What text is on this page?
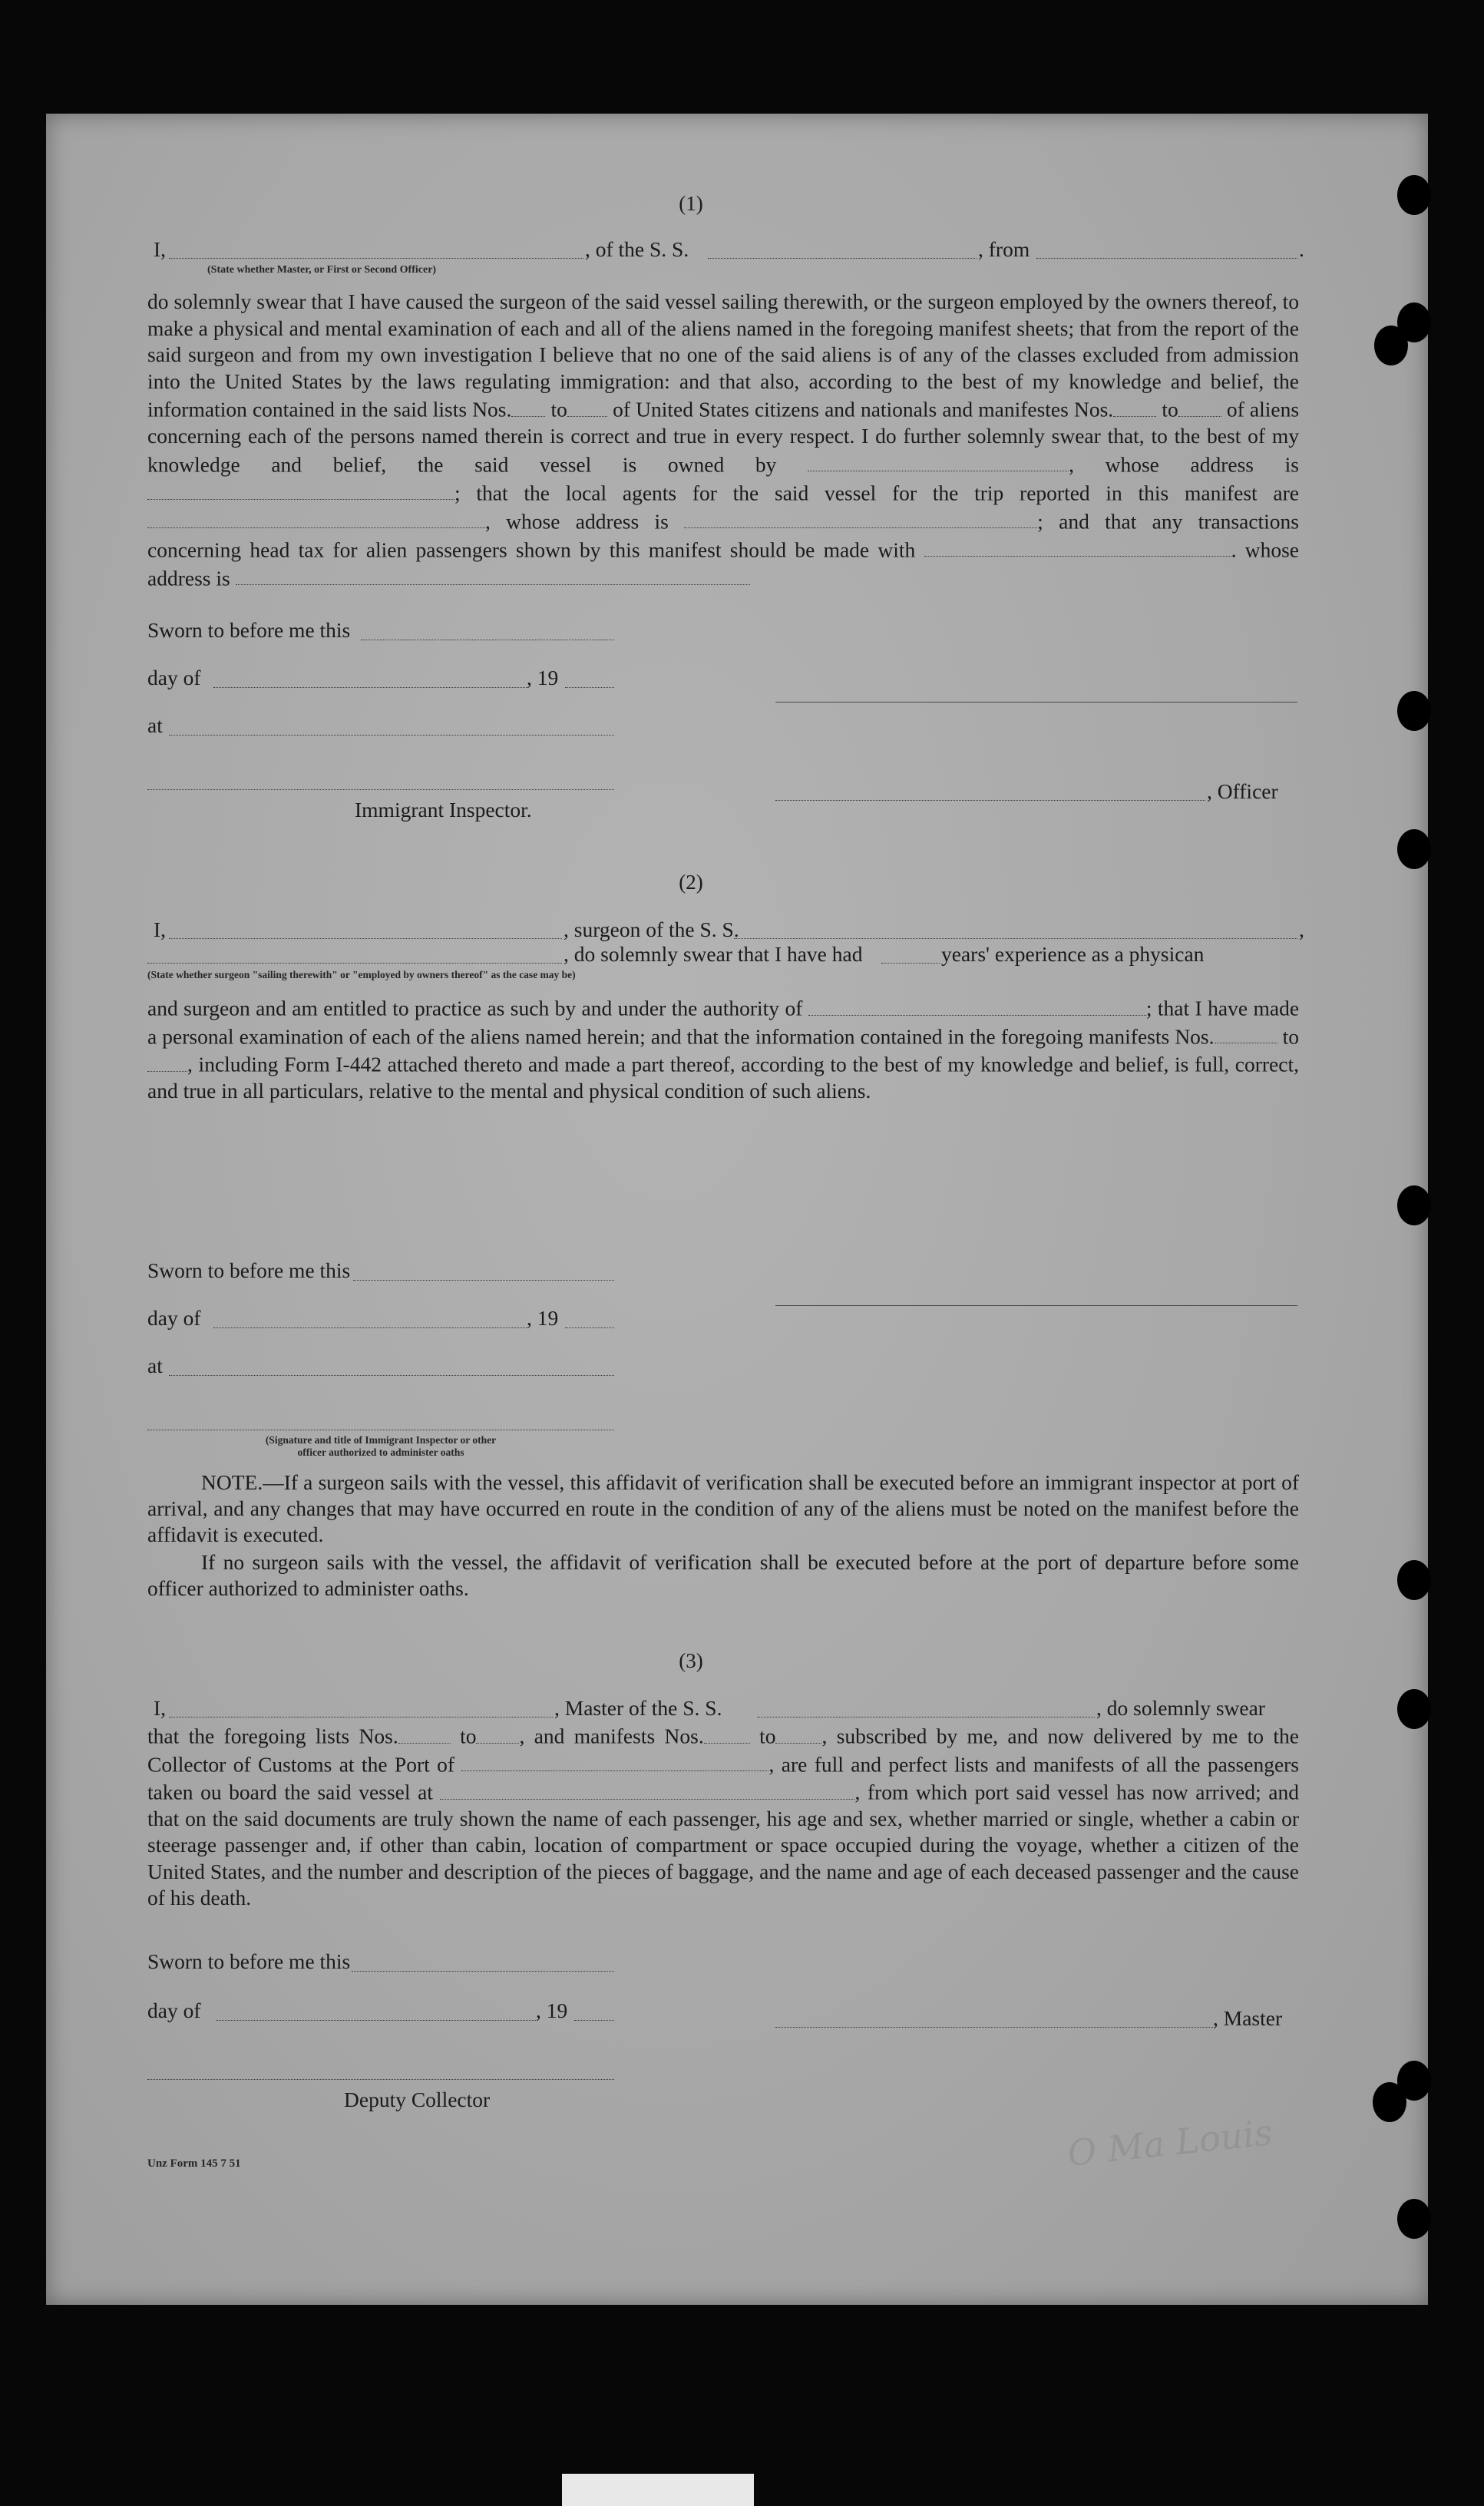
(1)
I,	, of the S. S.	, from	.
(State whether Master, or First or Second Officer)
do solemnly swear that I have caused the surgeon of the said vessel sailing therewith, or the surgeon employed by the owners thereof, to make a physical and mental examination of each and all of the aliens named in the foregoing manifest sheets; that from the report of the said surgeon and from my own investigation I believe that no one of the said aliens is of any of the classes excluded from admission into the United States by the laws regulating immigration: and that also, according to the best of my knowledge and belief, the information contained in the said lists Nos. to of United States citizens and nationals and manifestes Nos. to of aliens concerning each of the persons named therein is correct and true in every respect. I do further solemnly swear that, to the best of my knowledge and belief, the said vessel is owned by	, whose address is ; that the local agents for the said vessel for the trip reported in this manifest are , whose address is	; and that any transactions concerning head tax for alien passengers shown by this manifest should be made with	. whose address is
Sworn to before me this
day of	, 19
at
, Officer
Immigrant Inspector.
(2)
I,	, surgeon of the S. S.	,
, do solemnly swear that I have had	years' experience as a physican
(State whether surgeon "sailing therewith" or "employed by owners thereof" as the case may be)
and surgeon and am entitled to practice as such by and under the authority of	; that I have made a personal examination of each of the aliens named herein; and that the information contained in the foregoing manifests Nos.	to, including Form I-442 attached thereto and made a part thereof, according to the best of my knowledge and belief, is full, correct, and true in all particulars, relative to the mental and physical condition of such aliens.
Sworn to before me this
day of	, 19
at
(Signature and title of Immigrant Inspector or other
officer authorized to administer oaths
NOTE.—If a surgeon sails with the vessel, this affidavit of verification shall be executed before an immigrant inspector at port of arrival, and any changes that may have occurred en route in the condition of any of the aliens must be noted on the manifest before the affidavit is executed.
If no surgeon sails with the vessel, the affidavit of verification shall be executed before at the port of departure before some officer authorized to administer oaths.
(3)
I,	, Master of the S. S.	, do solemnly swear
that the foregoing lists Nos.	to , and manifests Nos.	to , subscribed by me, and now delivered by me to the Collector of Customs at the Port of	, are full and perfect lists and manifests of all the passengers taken ou board the said vessel at	, from which port said vessel has now arrived; and that on the said documents are truly shown the name of each passenger, his age and sex, whether married or single, whether a cabin or steerage passenger and, if other than cabin, location of compartment or space occupied during the voyage, whether a citizen of the United States, and the number and description of the pieces of baggage, and the name and age of each deceased passenger and the cause of his death.
Sworn to before me this
day of	, 19	, Master
Deputy Collector
Unz Form 145 7 51	O Ma Louis
